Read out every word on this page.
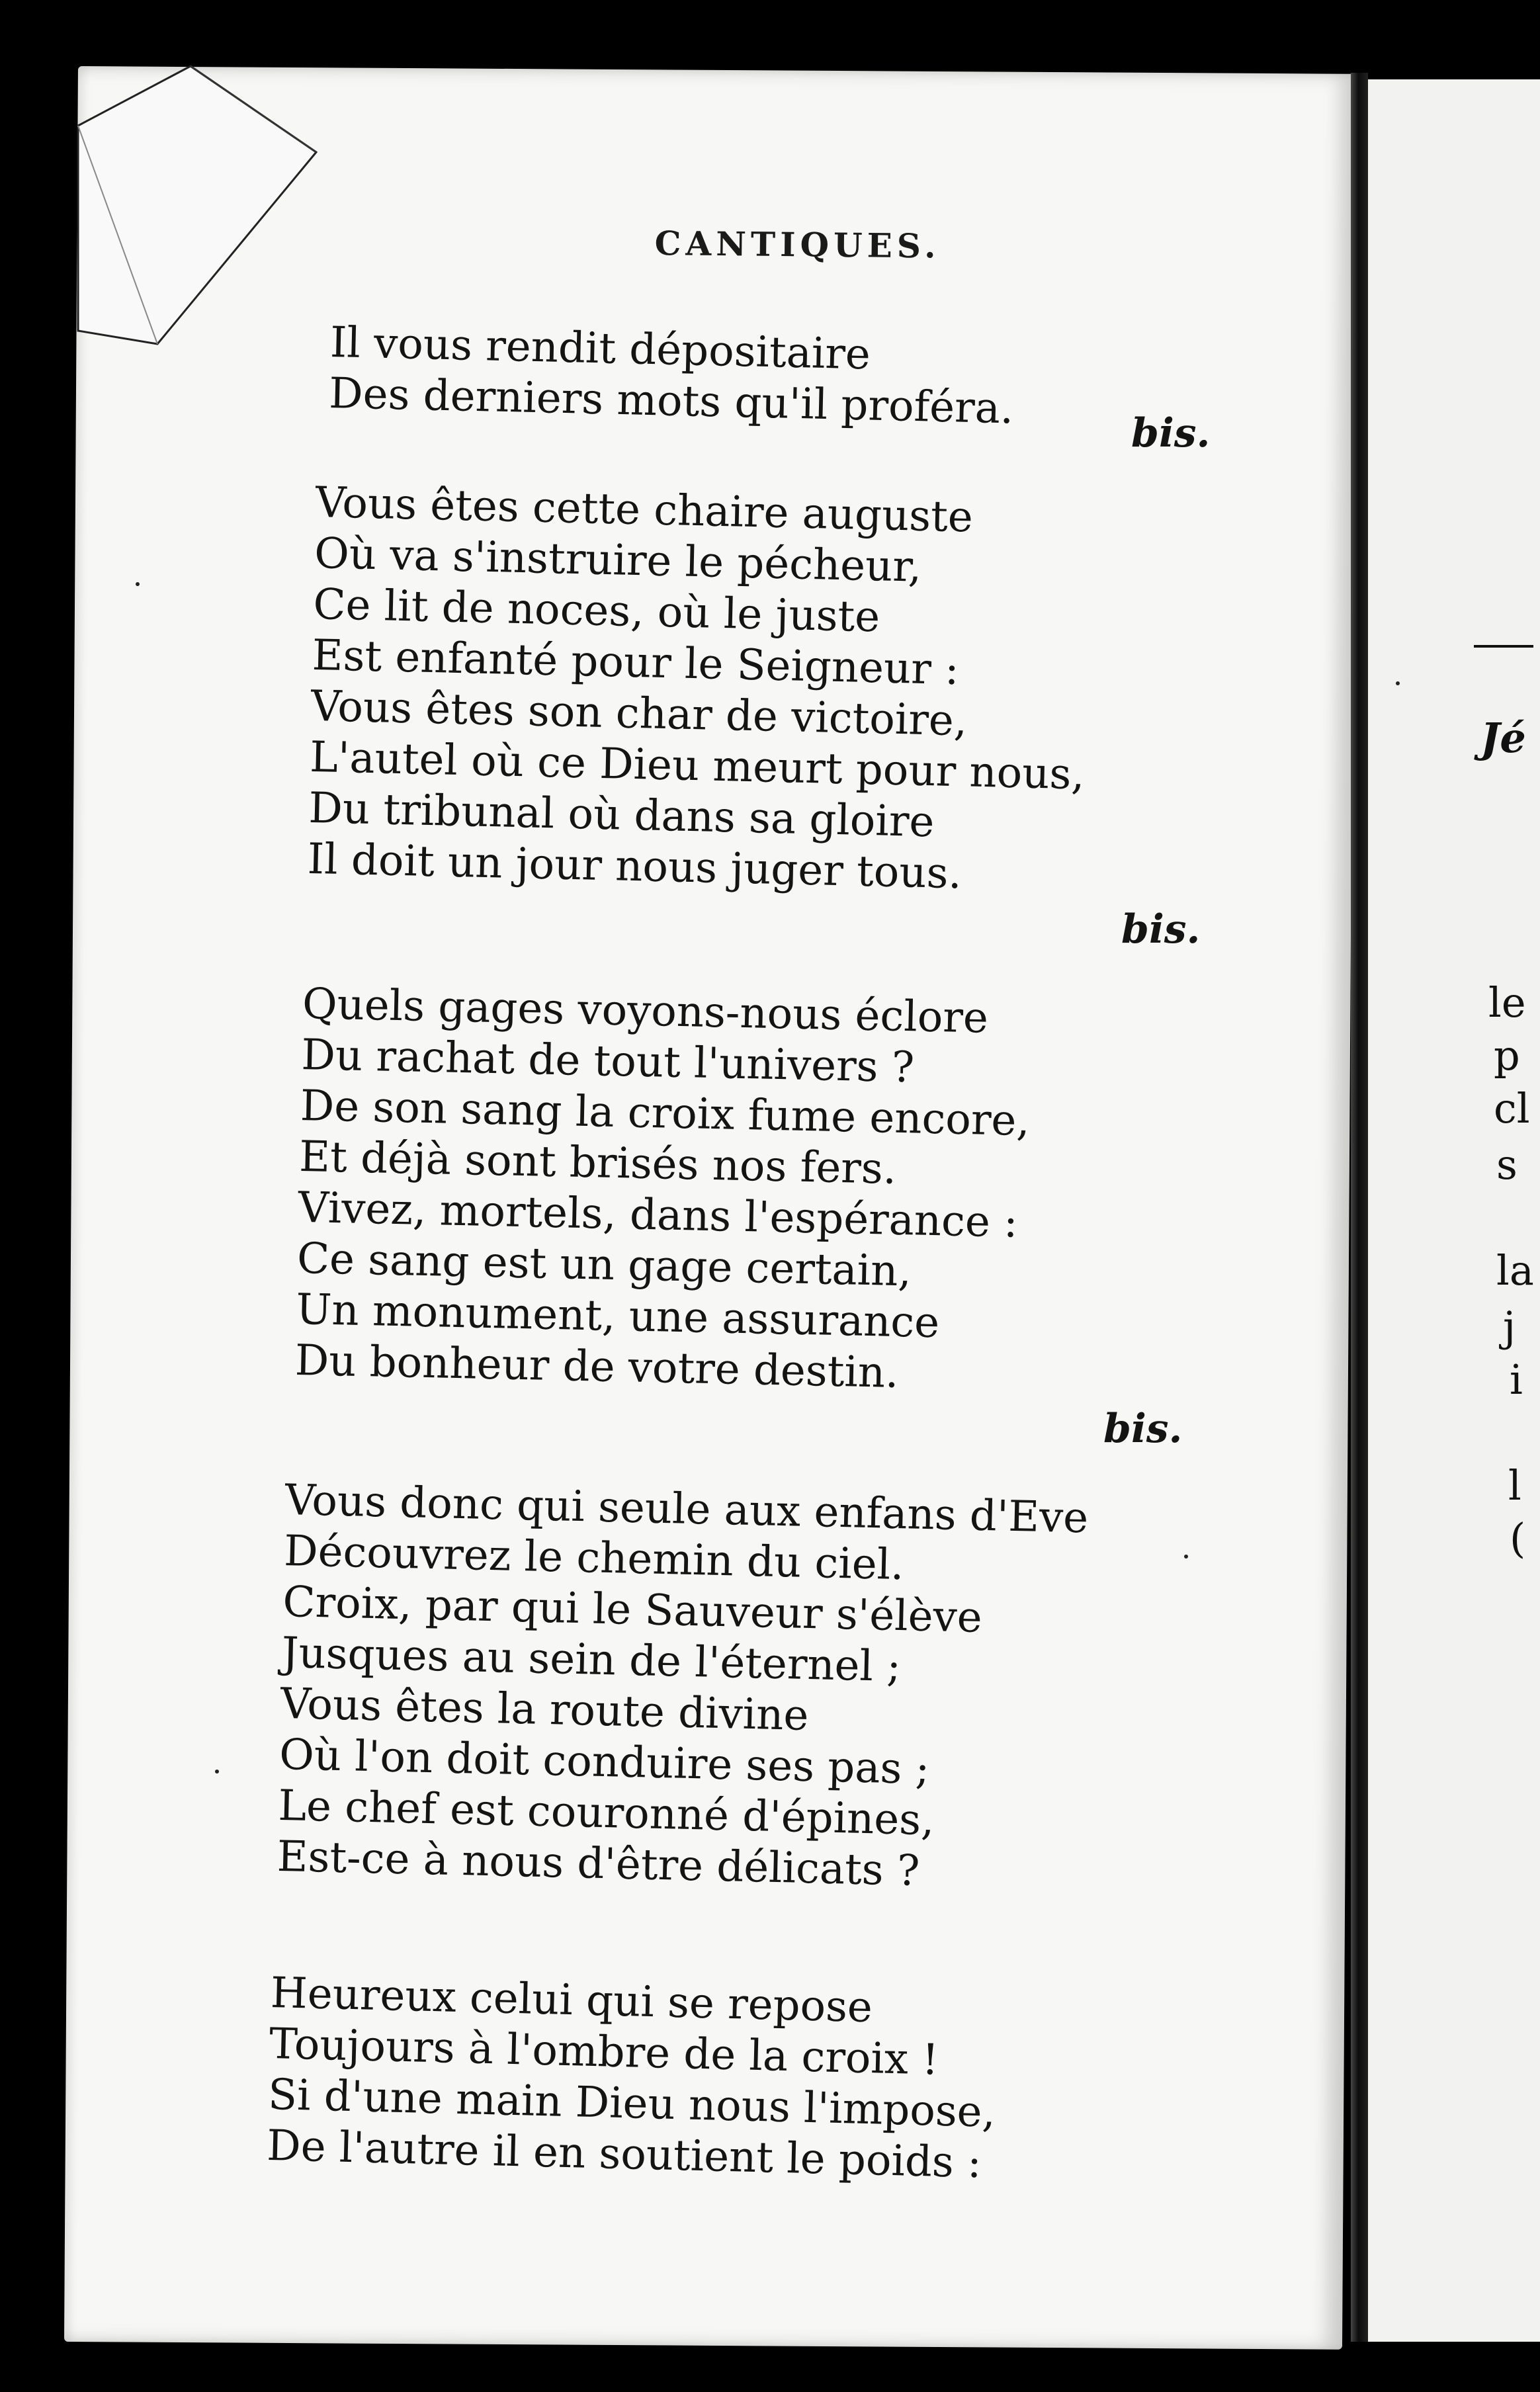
Jé
le
p
cl
s
la
j
i
l
(
CANTIQUES.
Il vous rendit dépositaire
Des derniers mots qu'il proféra.	bis.
Vous êtes cette chaire auguste
Où va s'instruire le pécheur,
Ce lit de noces, où le juste
Est enfanté pour le Seigneur :
Vous êtes son char de victoire,
L'autel où ce Dieu meurt pour nous,
Du tribunal où dans sa gloire
Il doit un jour nous juger tous.
bis.
Quels gages voyons-nous éclore
Du rachat de tout l'univers ?
De son sang la croix fume encore,
Et déjà sont brisés nos fers.
Vivez, mortels, dans l'espérance :
Ce sang est un gage certain,
Un monument, une assurance
Du bonheur de votre destin.
bis.
Vous donc qui seule aux enfans d'Eve
Découvrez le chemin du ciel.
Croix, par qui le Sauveur s'élève
Jusques au sein de l'éternel ;
Vous êtes la route divine
Où l'on doit conduire ses pas ;
Le chef est couronné d'épines,
Est-ce à nous d'être délicats ?
Heureux celui qui se repose
Toujours à l'ombre de la croix !
Si d'une main Dieu nous l'impose,
De l'autre il en soutient le poids :
